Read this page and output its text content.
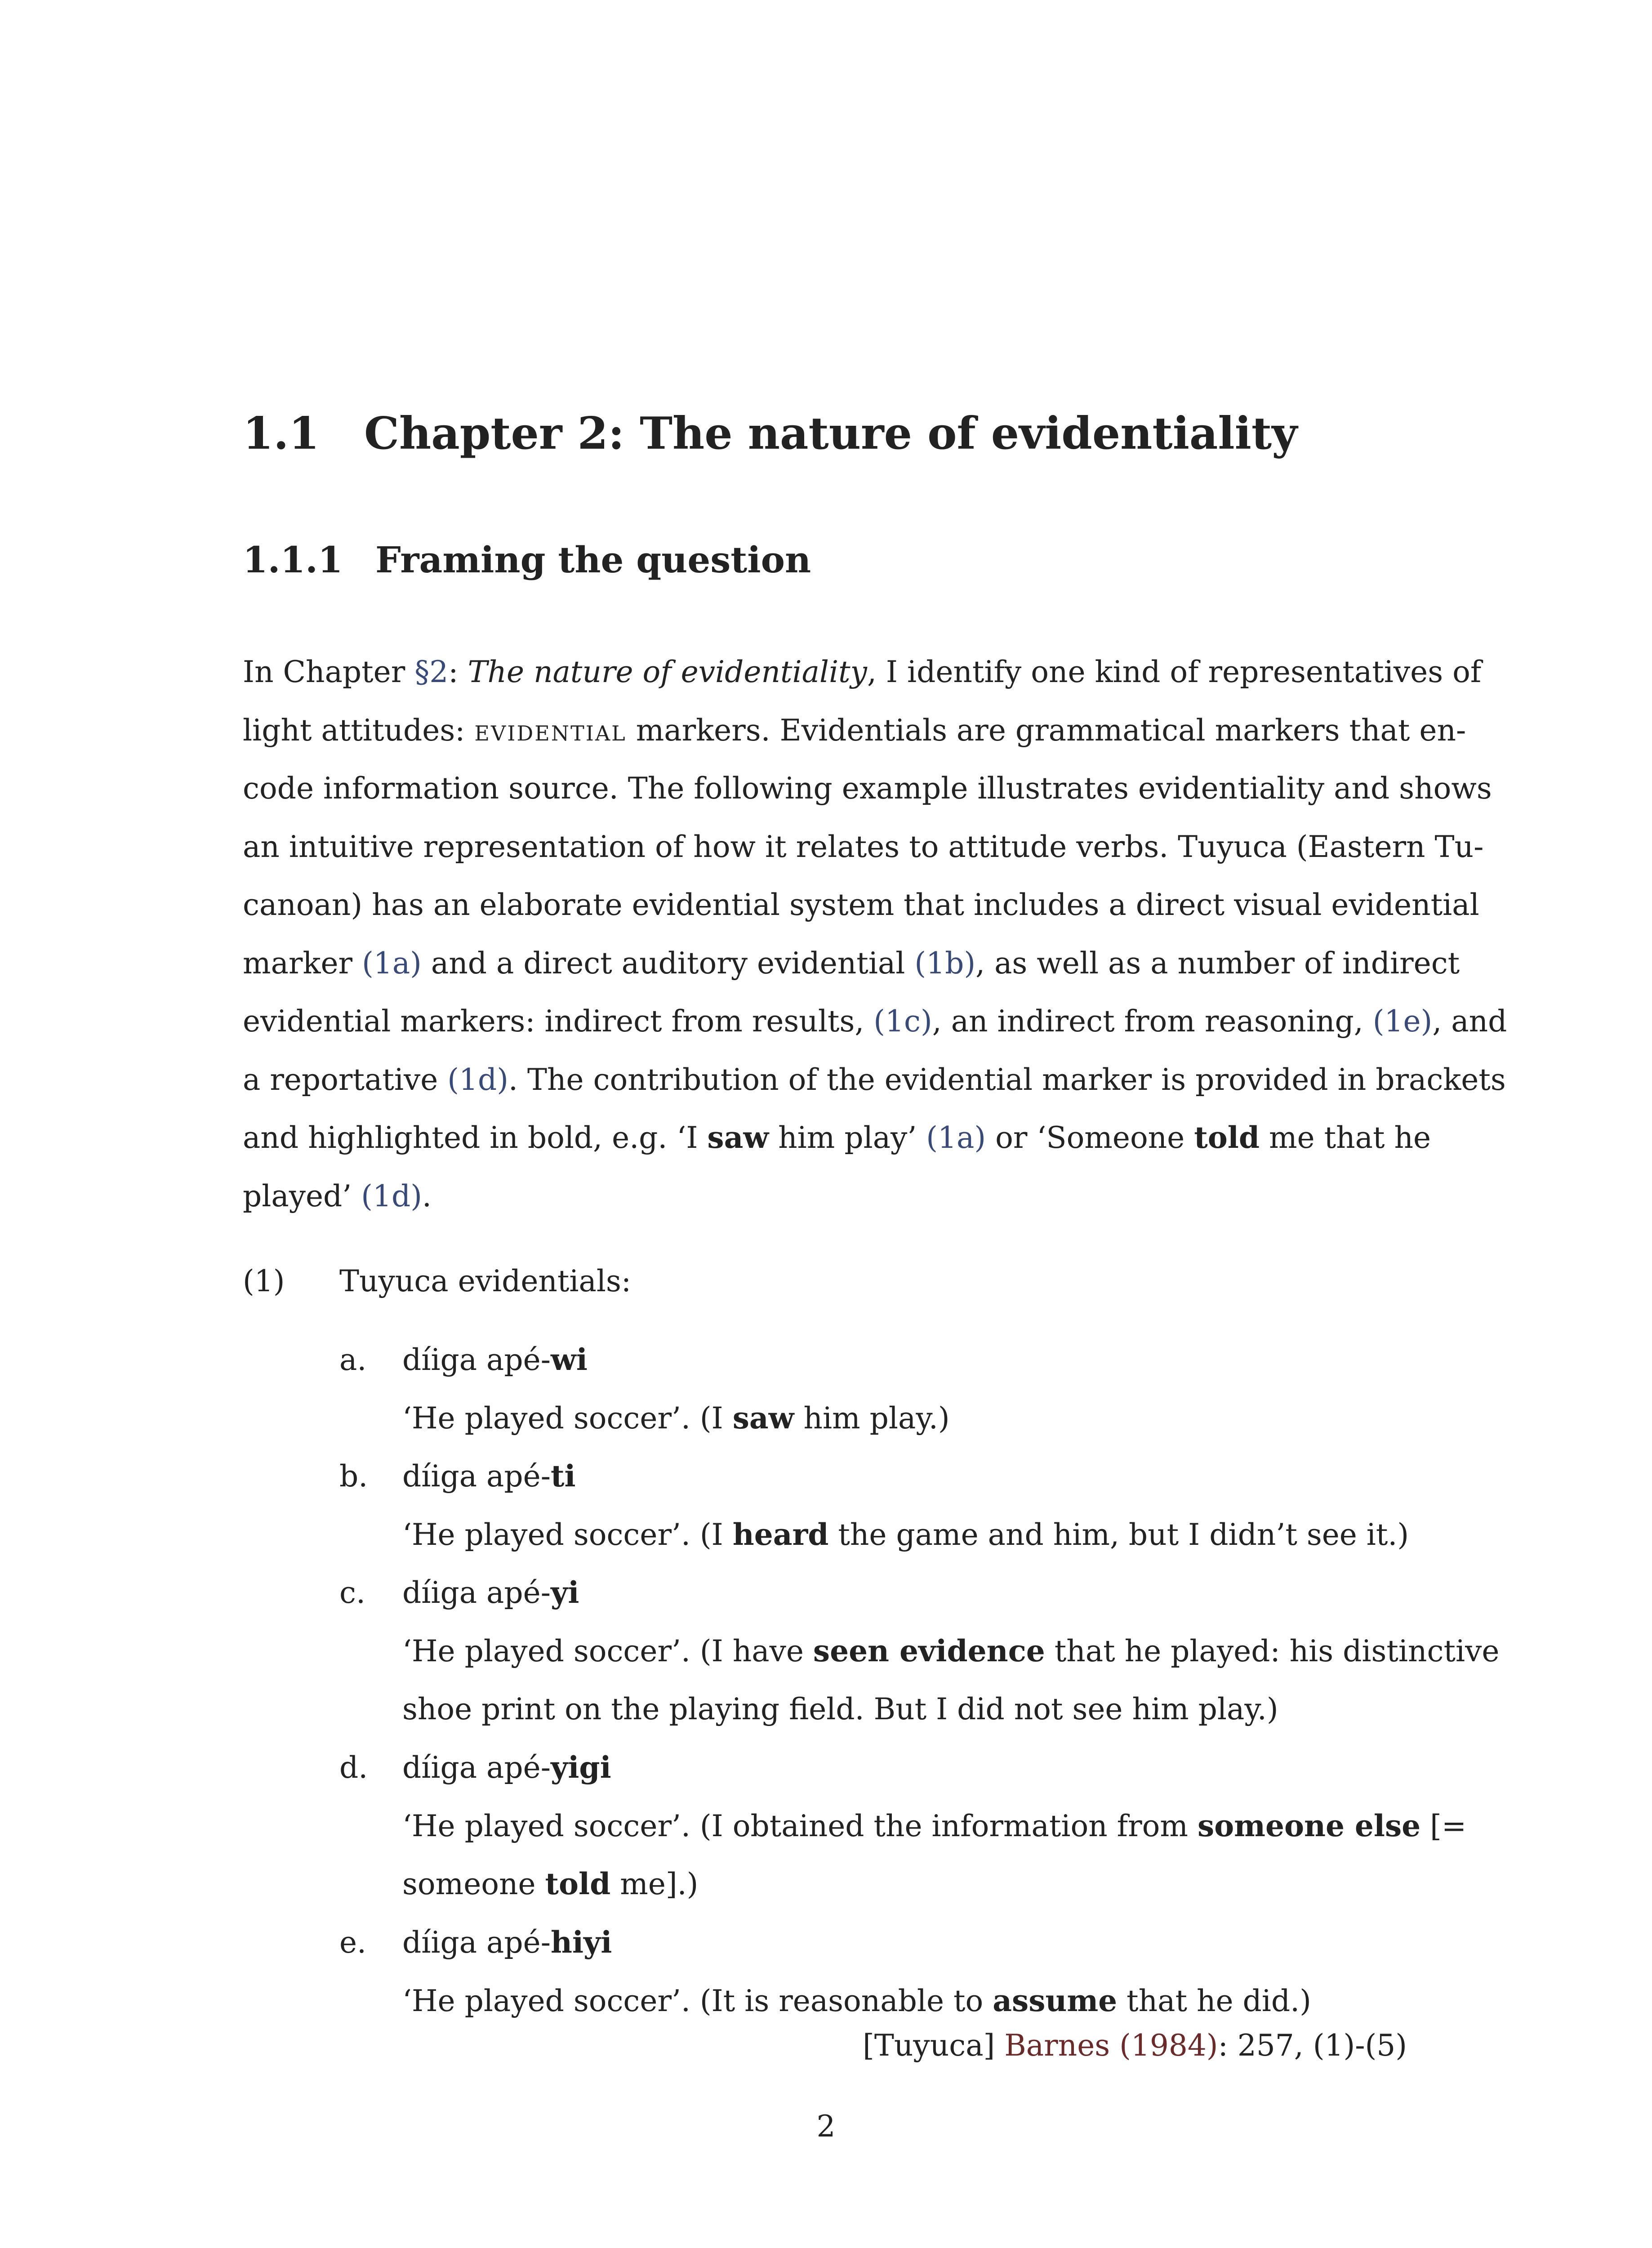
1.1 Chapter 2: The nature of evidentiality
1.1.1 Framing the question
In Chapter §2: The nature of evidentiality, I identify one kind of representatives of
light attitudes: evidential markers. Evidentials are grammatical markers that en-
code information source. The following example illustrates evidentiality and shows
an intuitive representation of how it relates to attitude verbs. Tuyuca (Eastern Tu-
canoan) has an elaborate evidential system that includes a direct visual evidential
marker (1a) and a direct auditory evidential (1b), as well as a number of indirect
evidential markers: indirect from results, (1c), an indirect from reasoning, (1e), and
a reportative (1d). The contribution of the evidential marker is provided in brackets
and highlighted in bold, e.g. ‘I saw him play’ (1a) or ‘Someone told me that he
played’ (1d).
(1) Tuyuca evidentials:
a.	díiga apé-wi
‘He played soccer’. (I saw him play.)
b.	díiga apé-ti
‘He played soccer’. (I heard the game and him, but I didn’t see it.)
c.	díiga apé-yi
‘He played soccer’. (I have seen evidence that he played: his distinctive
shoe print on the playing field. But I did not see him play.)
d.	díiga apé-yigi
‘He played soccer’. (I obtained the information from someone else [=
someone told me].)
e.	díiga apé-hiyi
‘He played soccer’. (It is reasonable to assume that he did.)
[Tuyuca] Barnes (1984): 257, (1)-(5)
2
